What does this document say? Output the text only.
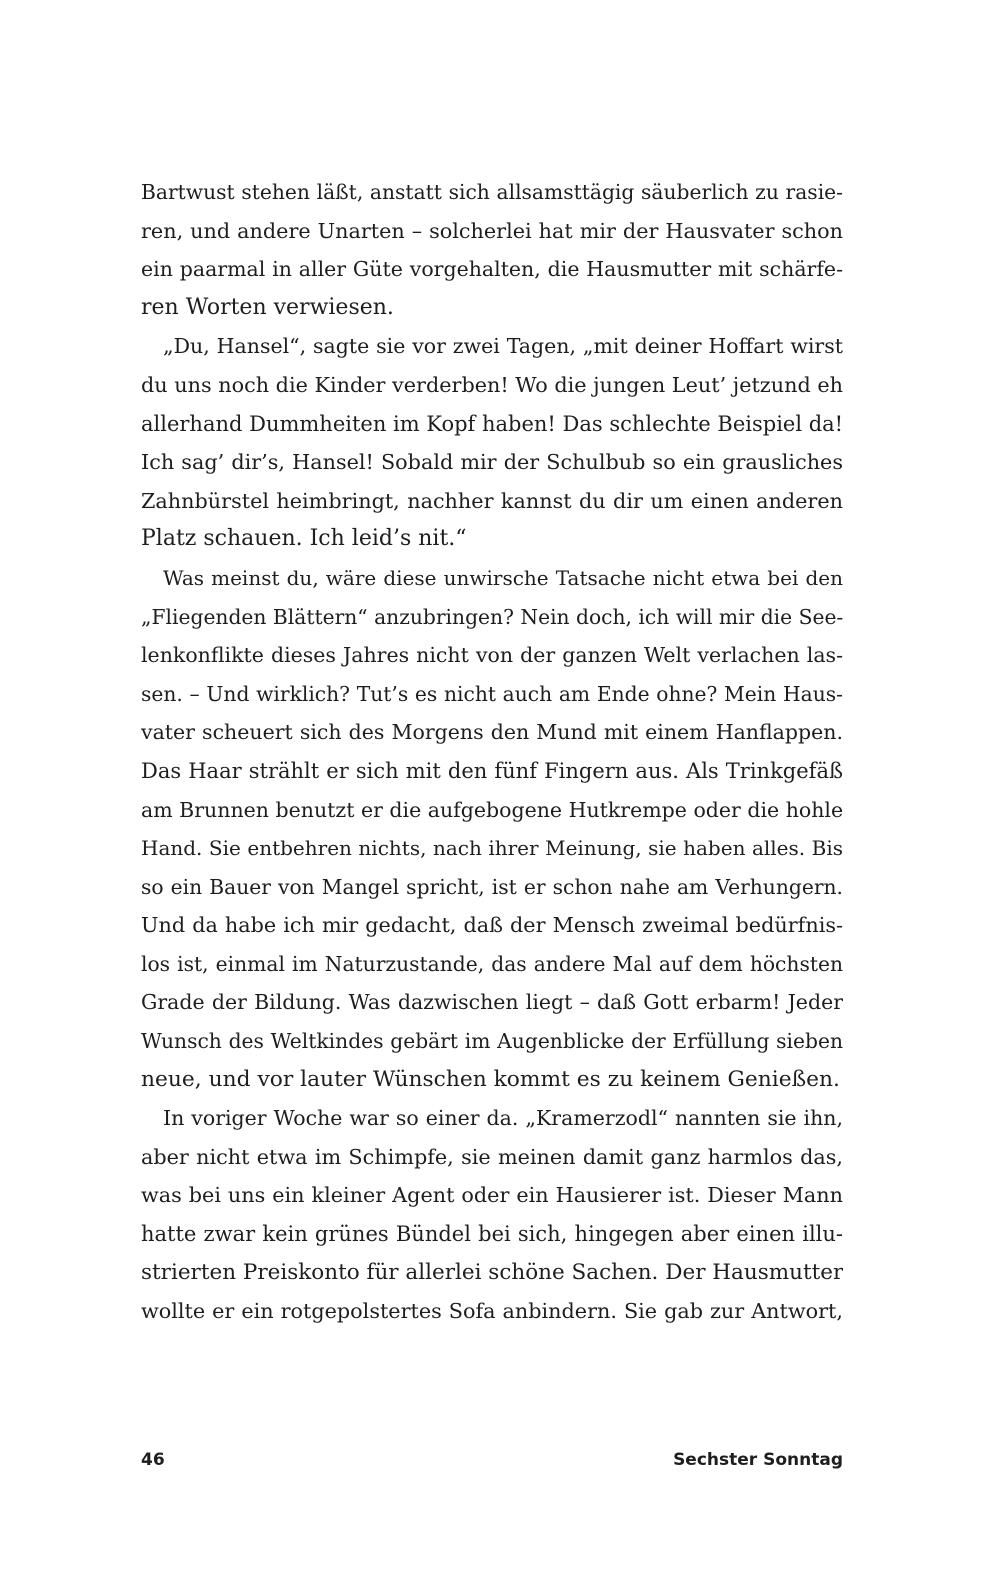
Bartwust stehen läßt, anstatt sich allsamsttägig säuberlich zu rasie-
ren, und andere Unarten – solcherlei hat mir der Hausvater schon
ein paarmal in aller Güte vorgehalten, die Hausmutter mit schärfe-
ren Worten verwiesen.
„Du, Hansel“, sagte sie vor zwei Tagen, „mit deiner Hoffart wirst
du uns noch die Kinder verderben! Wo die jungen Leut’ jetzund eh
allerhand Dummheiten im Kopf haben! Das schlechte Beispiel da!
Ich sag’ dir’s, Hansel! Sobald mir der Schulbub so ein grausliches
Zahnbürstel heimbringt, nachher kannst du dir um einen anderen
Platz schauen. Ich leid’s nit.“
Was meinst du, wäre diese unwirsche Tatsache nicht etwa bei den
„Fliegenden Blättern“ anzubringen? Nein doch, ich will mir die See-
lenkonflikte dieses Jahres nicht von der ganzen Welt verlachen las-
sen. – Und wirklich? Tut’s es nicht auch am Ende ohne? Mein Haus-
vater scheuert sich des Morgens den Mund mit einem Hanflappen.
Das Haar strählt er sich mit den fünf Fingern aus. Als Trinkgefäß
am Brunnen benutzt er die aufgebogene Hutkrempe oder die hohle
Hand. Sie entbehren nichts, nach ihrer Meinung, sie haben alles. Bis
so ein Bauer von Mangel spricht, ist er schon nahe am Verhungern.
Und da habe ich mir gedacht, daß der Mensch zweimal bedürfnis-
los ist, einmal im Naturzustande, das andere Mal auf dem höchsten
Grade der Bildung. Was dazwischen liegt – daß Gott erbarm! Jeder
Wunsch des Weltkindes gebärt im Augenblicke der Erfüllung sieben
neue, und vor lauter Wünschen kommt es zu keinem Genießen.
In voriger Woche war so einer da. „Kramerzodl“ nannten sie ihn,
aber nicht etwa im Schimpfe, sie meinen damit ganz harmlos das,
was bei uns ein kleiner Agent oder ein Hausierer ist. Dieser Mann
hatte zwar kein grünes Bündel bei sich, hingegen aber einen illu-
strierten Preiskonto für allerlei schöne Sachen. Der Hausmutter
wollte er ein rotgepolstertes Sofa anbindern. Sie gab zur Antwort,
46	Sechster Sonntag
